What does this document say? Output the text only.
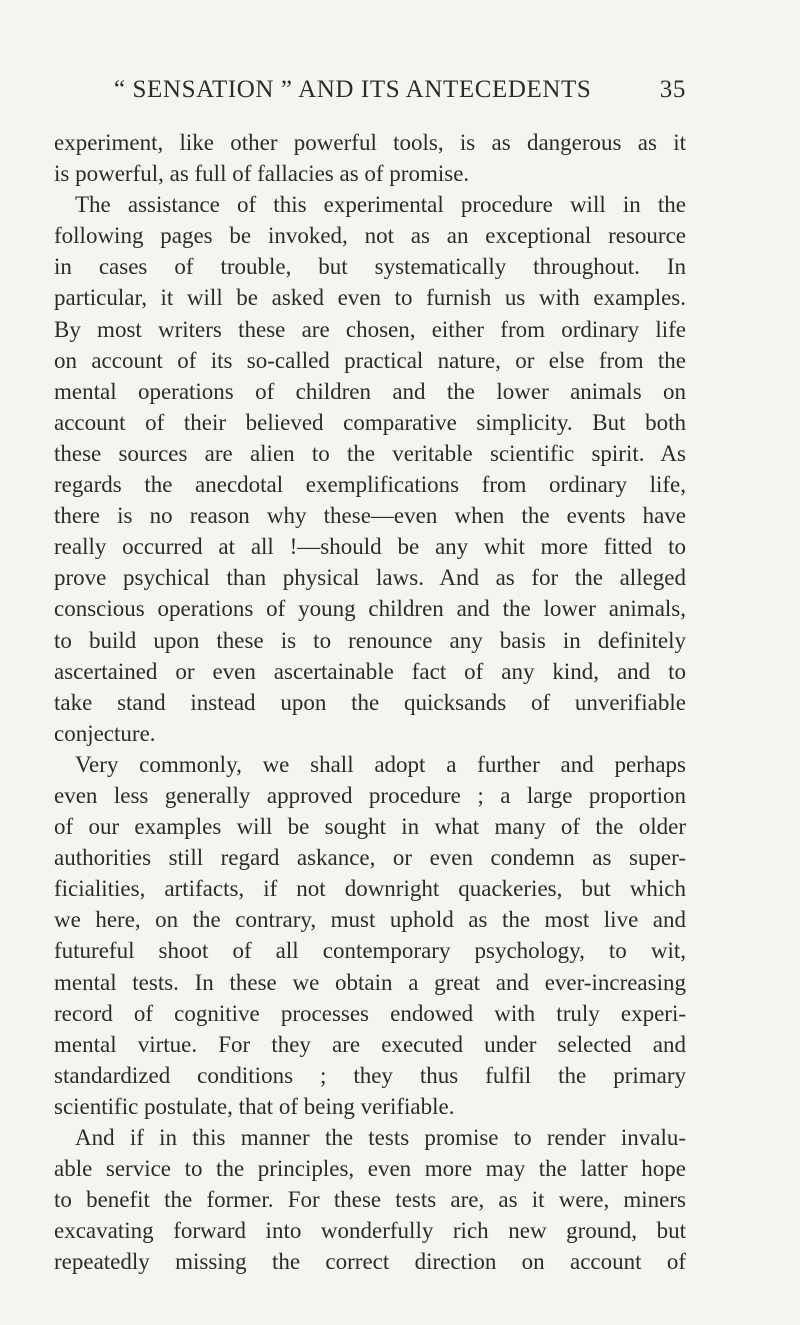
“ SENSATION ” AND ITS ANTECEDENTS	35
experiment, like other powerful tools, is as dangerous as it
is powerful, as full of fallacies as of promise.
The assistance of this experimental procedure will in the
following pages be invoked, not as an exceptional resource
in cases of trouble, but systematically throughout. In
particular, it will be asked even to furnish us with examples.
By most writers these are chosen, either from ordinary life
on account of its so-called practical nature, or else from the
mental operations of children and the lower animals on
account of their believed comparative simplicity. But both
these sources are alien to the veritable scientific spirit. As
regards the anecdotal exemplifications from ordinary life,
there is no reason why these—even when the events have
really occurred at all !—should be any whit more fitted to
prove psychical than physical laws. And as for the alleged
conscious operations of young children and the lower animals,
to build upon these is to renounce any basis in definitely
ascertained or even ascertainable fact of any kind, and to
take stand instead upon the quicksands of unverifiable
conjecture.
Very commonly, we shall adopt a further and perhaps
even less generally approved procedure ; a large proportion
of our examples will be sought in what many of the older
authorities still regard askance, or even condemn as super-
ficialities, artifacts, if not downright quackeries, but which
we here, on the contrary, must uphold as the most live and
futureful shoot of all contemporary psychology, to wit,
mental tests. In these we obtain a great and ever-increasing
record of cognitive processes endowed with truly experi-
mental virtue. For they are executed under selected and
standardized conditions ; they thus fulfil the primary
scientific postulate, that of being verifiable.
And if in this manner the tests promise to render invalu-
able service to the principles, even more may the latter hope
to benefit the former. For these tests are, as it were, miners
excavating forward into wonderfully rich new ground, but
repeatedly missing the correct direction on account of
